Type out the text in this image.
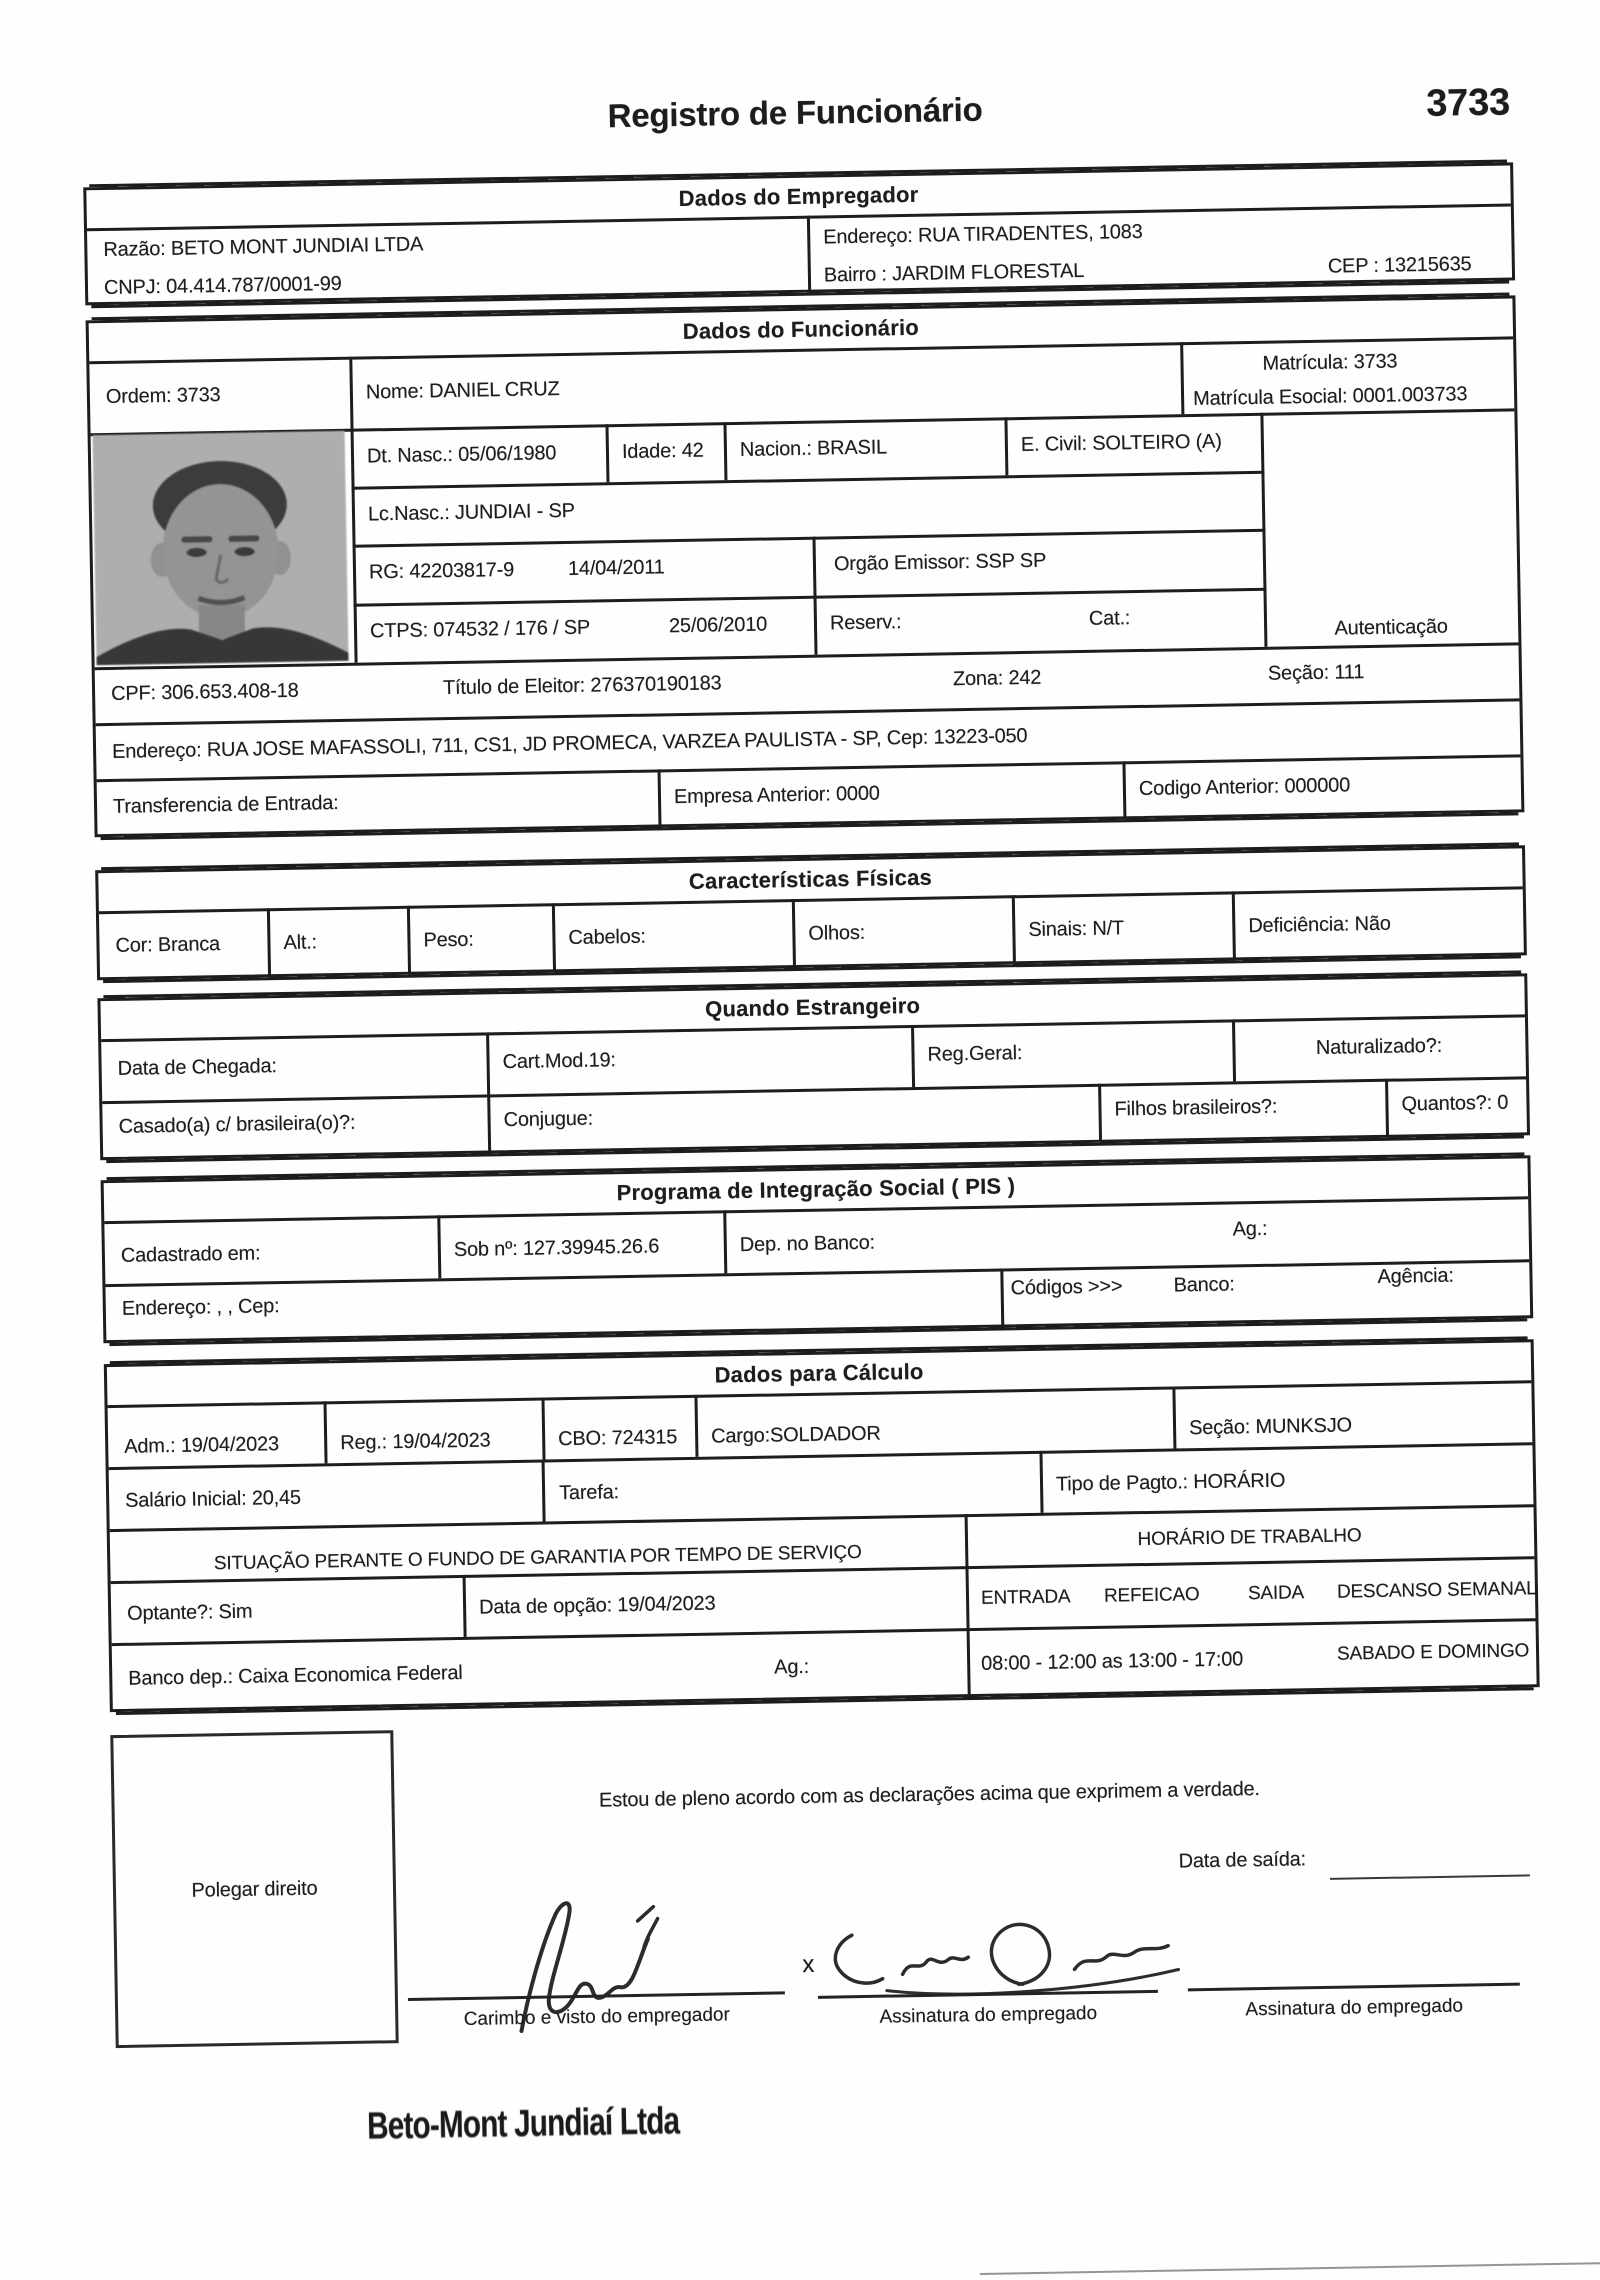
Registro de Funcionário	3733
Dados do Empregador
Razão: BETO MONT JUNDIAI LTDA
CNPJ: 04.414.787/0001-99
Endereço: RUA TIRADENTES, 1083
Bairro : JARDIM FLORESTAL	CEP : 13215635
Dados do Funcionário
Ordem: 3733	Nome: DANIEL CRUZ
Matrícula: 3733
Matrícula Esocial: 0001.003733
Dt. Nasc.: 05/06/1980	Idade: 42 Nacion.: BRASIL	E. Civil: SOLTEIRO (A)
Lc.Nasc.: JUNDIAI - SP
RG: 42203817-9	14/04/2011	Orgão Emissor: SSP SP
CTPS: 074532 / 176 / SP	25/06/2010	Reserv.:	Cat.:	Autenticação
CPF: 306.653.408-18	Título de Eleitor: 276370190183	Zona: 242	Seção: 111
Endereço: RUA JOSE MAFASSOLI, 711, CS1, JD PROMECA, VARZEA PAULISTA - SP, Cep: 13223-050
Transferencia de Entrada:	Empresa Anterior: 0000	Codigo Anterior: 000000
Características Físicas
Cor: Branca	Alt.:	Peso:	Cabelos:	Olhos:	Sinais: N/T	Deficiência: Não
Quando Estrangeiro
Data de Chegada:	Cart.Mod.19:	Reg.Geral:	Naturalizado?:
Casado(a) c/ brasileira(o)?:	Conjugue:	Filhos brasileiros?:	Quantos?: 0
Programa de Integração Social ( PIS )
Cadastrado em:	Sob nº: 127.39945.26.6	Dep. no Banco:
Ag.:
Endereço: , , Cep:
Códigos >>>	Banco:	Agência:
Dados para Cálculo
Adm.: 19/04/2023	Reg.: 19/04/2023	CBO: 724315 Cargo:SOLDADOR	Seção: MUNKSJO
Salário Inicial: 20,45	Tarefa:	Tipo de Pagto.: HORÁRIO
SITUAÇÃO PERANTE O FUNDO DE GARANTIA POR TEMPO DE SERVIÇO
HORÁRIO DE TRABALHO
Optante?: Sim	Data de opção: 19/04/2023	ENTRADA REFEICAO	SAIDA DESCANSO SEMANAL
Banco dep.: Caixa Economica Federal	Ag.:	08:00 - 12:00 as 13:00 - 17:00	SABADO E DOMINGO
Estou de pleno acordo com as declarações acima que exprimem a verdade.
Polegar direito
Data de saída:
Carimbo e visto do empregador
x
Assinatura do empregado	Assinatura do empregado
Beto-Mont Jundiaí Ltda
